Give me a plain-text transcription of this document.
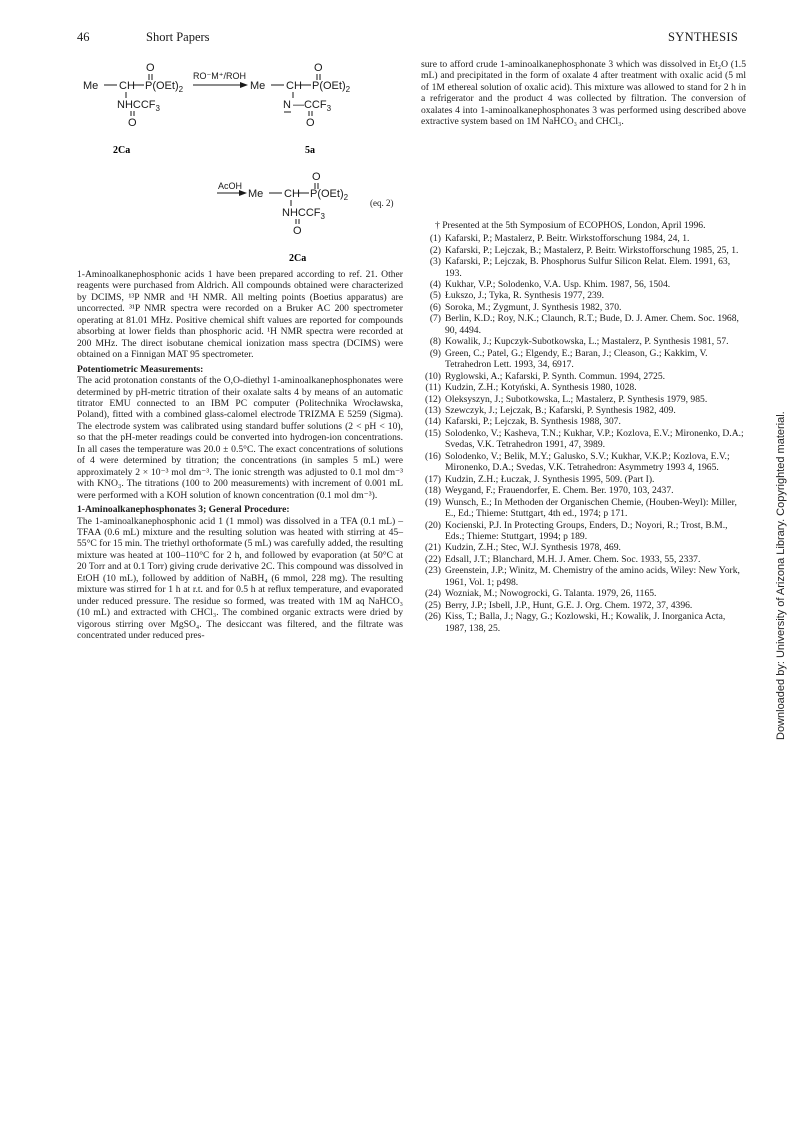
46	Short Papers	SYNTHESIS
O
Me CH $P(OEt)_2$
$NHCCF_3$
O
RO⁻M⁺/ROH
O
Me CH $P(OEt)_2$
N $—CCF_3$
O
2Ca	5a
AcOH
O
Me CH $P(OEt)_2$
$NHCCF_3$
O
(eq. 2)
2Ca

1-Aminoalkanephosphonic acids 1 have been prepared according to ref. 21. Other reagents were purchased from Aldrich. All compounds obtained were characterized by DCIMS, ¹³P NMR and ¹H NMR. All melting points (Boetius apparatus) are uncorrected. ³¹P NMR spectra were recorded on a Bruker AC 200 spectrometer operating at 81.01 MHz. Positive chemical shift values are reported for compounds absorbing at lower fields than phosphoric acid. ¹H NMR spectra were recorded at 200 MHz. The direct isobutane chemical ionization mass spectra (DCIMS) were obtained on a Finnigan MAT 95 spectrometer.

Potentiometric Measurements:

The acid protonation constants of the O,O-diethyl 1-aminoalkanephosphonates were determined by pH-metric titration of their oxalate salts 4 by means of an automatic titrator EMU connected to an IBM PC computer (Politechnika Wrocławska, Poland), fitted with a combined glass-calomel electrode TRIZMA E 5259 (Sigma). The electrode system was calibrated using standard buffer solutions (2 < pH < 10), so that the pH-meter readings could be converted into hydrogen-ion concentrations. In all cases the temperature was 20.0 ± 0.5°C. The exact concentrations of solutions of 4 were determined by titration; the concentrations (in samples 5 mL) were approximately 2 × 10⁻³ mol dm⁻³. The ionic strength was adjusted to 0.1 mol dm⁻³ with KNO₃. The titrations (100 to 200 measurements) with increment of 0.001 mL were performed with a KOH solution of known concentration (0.1 mol dm⁻³).

1-Aminoalkanephosphonates 3; General Procedure:

The 1-aminoalkanephosphonic acid 1 (1 mmol) was dissolved in a TFA (0.1 mL) – TFAA (0.6 mL) mixture and the resulting solution was heated with stirring at 45–55°C for 15 min. The triethyl orthoformate (5 mL) was carefully added, the resulting mixture was heated at 100–110°C for 2 h, and followed by evaporation (at 50°C at 20 Torr and at 0.1 Torr) giving crude derivative 2C. This compound was dissolved in EtOH (10 mL), followed by addition of NaBH₄ (6 mmol, 228 mg). The resulting mixture was stirred for 1 h at r.t. and for 0.5 h at reflux temperature, and evaporated under reduced pressure. The residue so formed, was treated with 1M aq NaHCO₃ (10 mL) and extracted with CHCl₃. The combined organic extracts were dried by vigorous stirring over MgSO₄. The desiccant was filtered, and the filtrate was concentrated under reduced pres-

sure to afford crude 1-aminoalkanephosphonate 3 which was dissolved in Et₂O (1.5 mL) and precipitated in the form of oxalate 4 after treatment with oxalic acid (5 ml of 1M ethereal solution of oxalic acid). This mixture was allowed to stand for 2 h in a refrigerator and the product 4 was collected by filtration. The conversion of oxalates 4 into 1-aminoalkanephosphonates 3 was performed using described above extractive system based on 1M NaHCO₃ and CHCl₃.

† Presented at the 5th Symposium of ECOPHOS, London, April 1996.

(1) Kafarski, P.; Mastalerz, P. Beitr. Wirkstofforschung 1984, 24, 1.
(2) Kafarski, P.; Lejczak, B.; Mastalerz, P. Beitr. Wirkstofforschung 1985, 25, 1.
(3) Kafarski, P.; Lejczak, B. Phosphorus Sulfur Silicon Relat. Elem. 1991, 63, 193.
(4) Kukhar, V.P.; Solodenko, V.A. Usp. Khim. 1987, 56, 1504.
(5) Łukszo, J.; Tyka, R. Synthesis 1977, 239.
(6) Soroka, M.; Zygmunt, J. Synthesis 1982, 370.
(7) Berlin, K.D.; Roy, N.K.; Claunch, R.T.; Bude, D. J. Amer. Chem. Soc. 1968, 90, 4494.
(8) Kowalik, J.; Kupczyk-Subotkowska, L.; Mastalerz, P. Synthesis 1981, 57.
(9) Green, C.; Patel, G.; Elgendy, E.; Baran, J.; Cleason, G.; Kakkim, V. Tetrahedron Lett. 1993, 34, 6917.
(10) Ryglowski, A.; Kafarski, P. Synth. Commun. 1994, 2725.
(11) Kudzin, Z.H.; Kotyński, A. Synthesis 1980, 1028.
(12) Oleksyszyn, J.; Subotkowska, L.; Mastalerz, P. Synthesis 1979, 985.
(13) Szewczyk, J.; Lejczak, B.; Kafarski, P. Synthesis 1982, 409.
(14) Kafarski, P.; Lejczak, B. Synthesis 1988, 307.
(15) Solodenko, V.; Kasheva, T.N.; Kukhar, V.P.; Kozlova, E.V.; Mironenko, D.A.; Svedas, V.K. Tetrahedron 1991, 47, 3989.
(16) Solodenko, V.; Belik, M.Y.; Galusko, S.V.; Kukhar, V.K.P.; Kozlova, E.V.; Mironenko, D.A.; Svedas, V.K. Tetrahedron: Asymmetry 1993 4, 1965.
(17) Kudzin, Z.H.; Łuczak, J. Synthesis 1995, 509. (Part I).
(18) Weygand, F.; Frauendorfer, E. Chem. Ber. 1970, 103, 2437.
(19) Wunsch, E.; In Methoden der Organischen Chemie, (Houben-Weyl): Miller, E., Ed.; Thieme: Stuttgart, 4th ed., 1974; p 171.
(20) Kocienski, P.J. In Protecting Groups, Enders, D.; Noyori, R.; Trost, B.M., Eds.; Thieme: Stuttgart, 1994; p 189.
(21) Kudzin, Z.H.; Stec, W.J. Synthesis 1978, 469.
(22) Edsall, J.T.; Blanchard, M.H. J. Amer. Chem. Soc. 1933, 55, 2337.
(23) Greenstein, J.P.; Winitz, M. Chemistry of the amino acids, Wiley: New York, 1961, Vol. 1; p498.
(24) Wozniak, M.; Nowogrocki, G. Talanta. 1979, 26, 1165.
(25) Berry, J.P.; Isbell, J.P., Hunt, G.E. J. Org. Chem. 1972, 37, 4396.
(26) Kiss, T.; Balla, J.; Nagy, G.; Kozlowski, H.; Kowalik, J. Inorganica Acta, 1987, 138, 25.	Downloaded by: University of Arizona Library. Copyrighted material.
